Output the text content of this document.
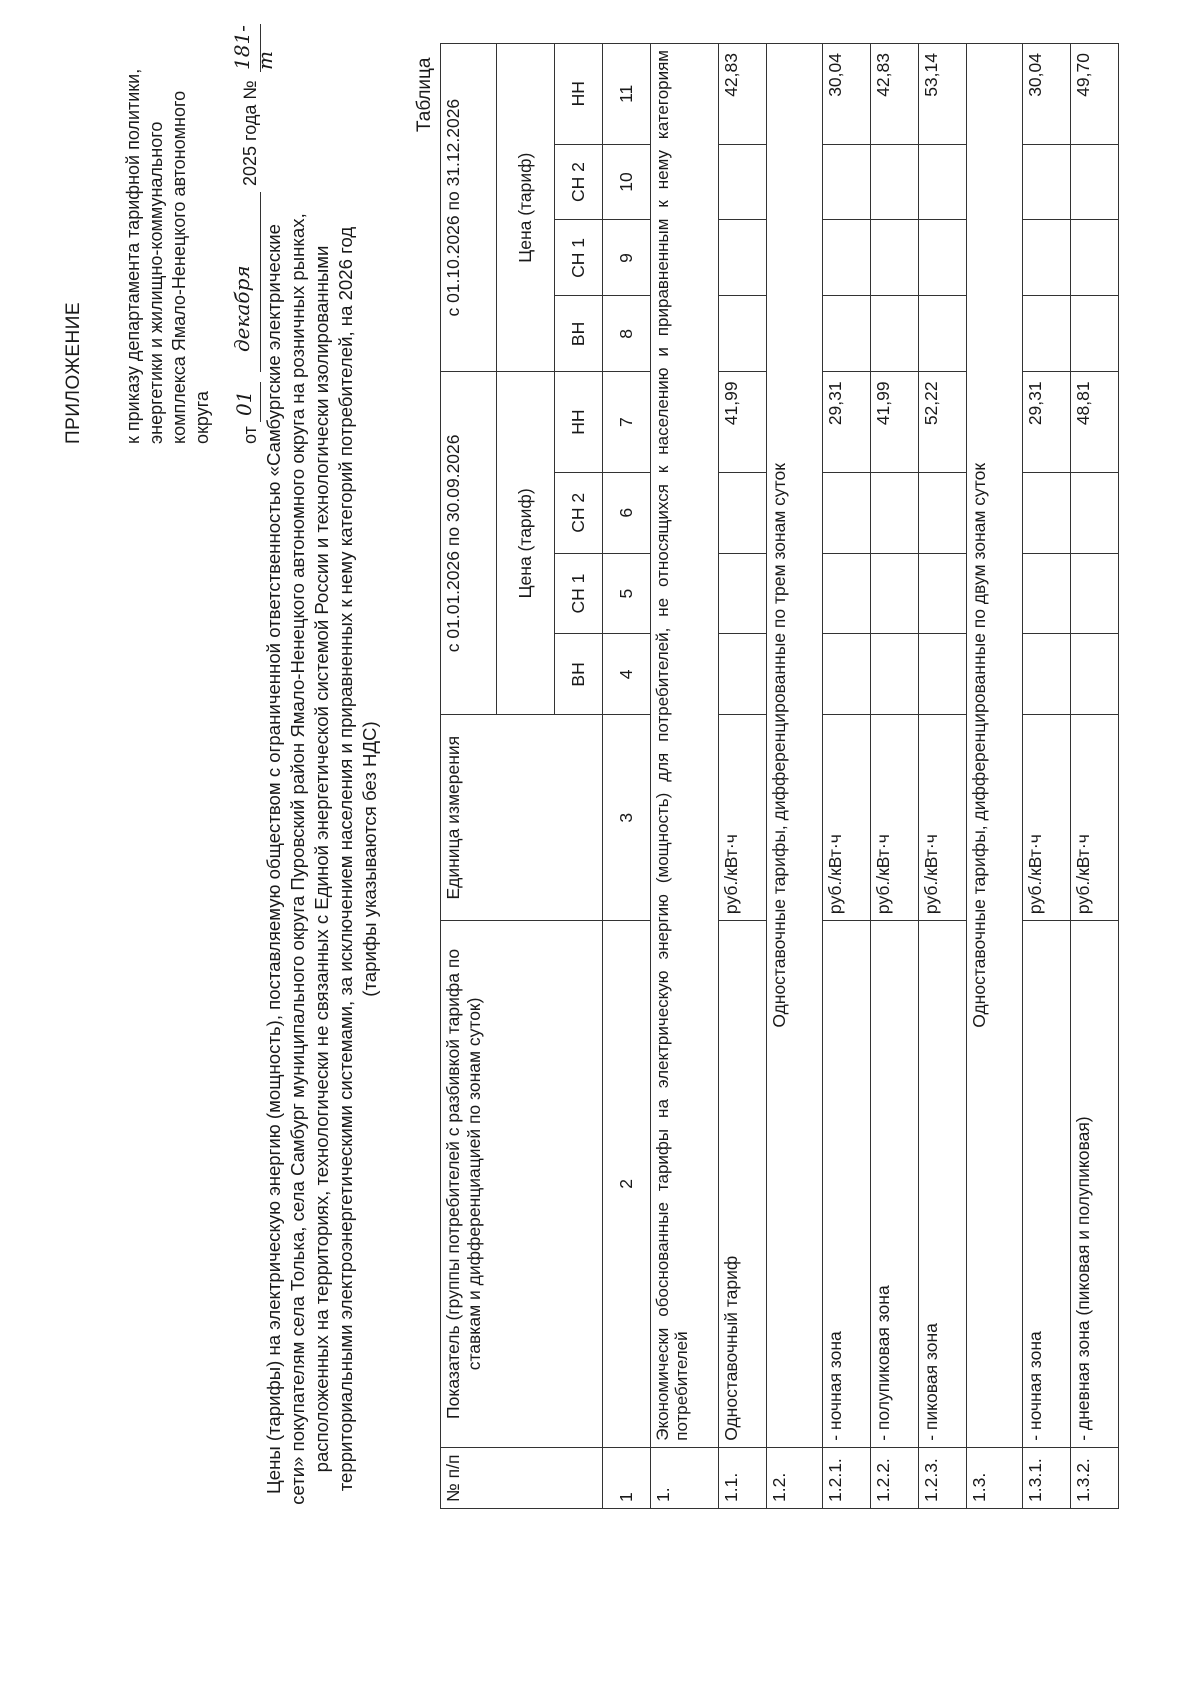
ПРИЛОЖЕНИЕ к приказу департамента тарифной политики, энергетики и жилищно-коммунального комплекса Ямало-Ненецкого автономного округа от
01
декабря
2025 года №
181-т
Цены (тарифы) на электрическую энергию (мощность), поставляемую обществом с ограниченной ответственностью «Самбургские электрические сети» покупателям села Толька, села Самбург муниципального округа Пуровский район Ямало-Ненецкого автономного округа на розничных рынках, расположенных на территориях, технологически не связанных с Единой энергетической системой России и технологически изолированными территориальными электроэнергетическими системами, за исключением населения и приравненных к нему категорий потребителей, на 2026 год (тарифы указываются без НДС)
Таблица
№ п/п	Показатель (группы потребителей с разбивкой тарифа по ставкам и дифференциацией по зонам суток)	Единица измерения	с 01.01.2026 по 30.09.2026				с 01.10.2026 по 31.12.2026			
			Цена (тариф)				Цена (тариф)			
			ВН	СН 1	СН 2	НН	ВН	СН 1	СН 2	НН
1	2	3	4	5	6	7	8	9	10	11
1.	Экономически обоснованные тарифы на электрическую энергию (мощность) для потребителей, не относящихся к населению и приравненным к нему категориям потребителей									
1.1.	Одноставочный тариф	руб./кВт·ч				41,99				42,83
1.2.	Одноставочные тарифы, дифференцированные по трем зонам суток									
1.2.1.	- ночная зона	руб./кВт·ч				29,31				30,04
1.2.2.	- полупиковая зона	руб./кВт·ч				41,99				42,83
1.2.3.	- пиковая зона	руб./кВт·ч				52,22				53,14
1.3.	Одноставочные тарифы, дифференцированные по двум зонам суток									
1.3.1.	- ночная зона	руб./кВт·ч				29,31				30,04
1.3.2.	- дневная зона (пиковая и полупиковая)	руб./кВт·ч				48,81				49,70
